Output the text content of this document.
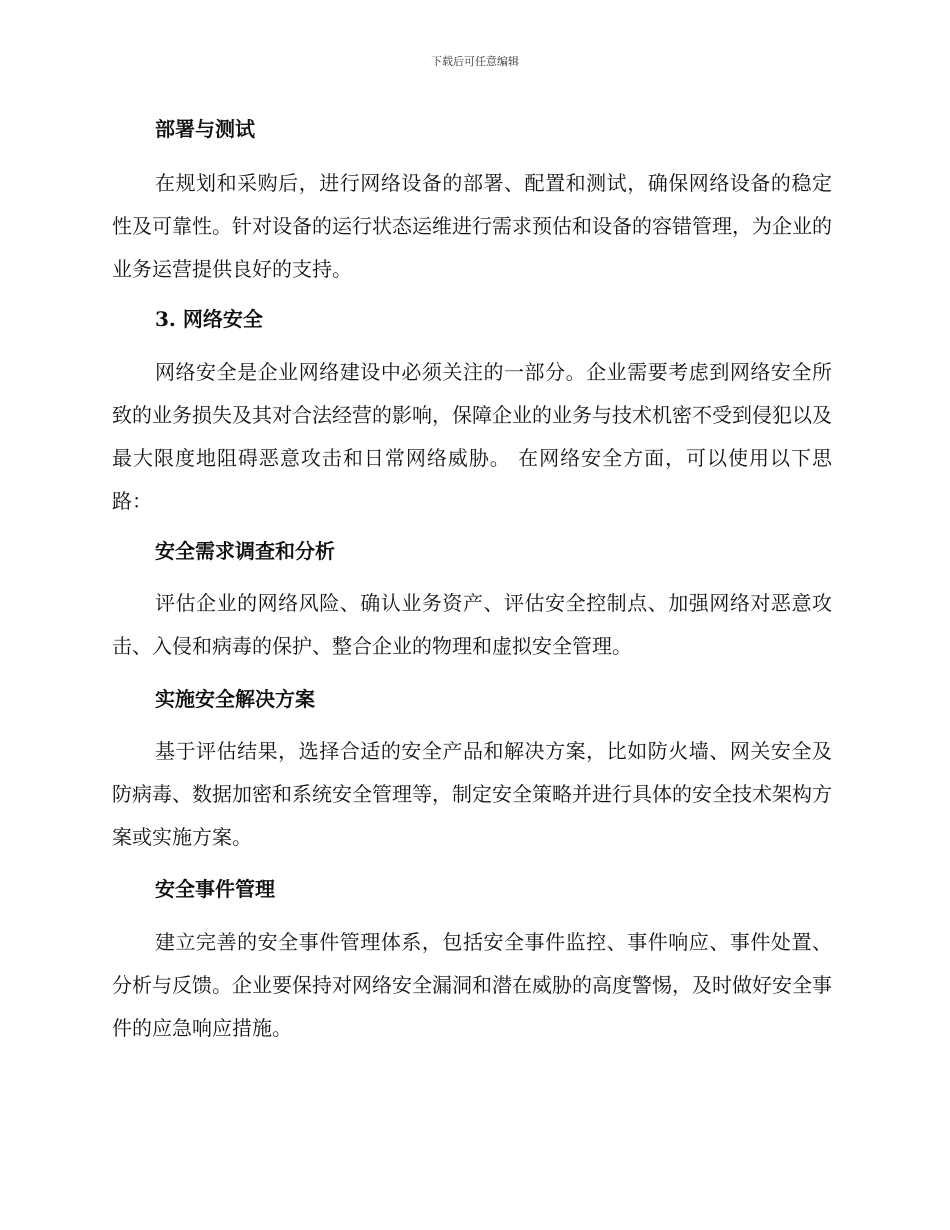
下载后可任意编辑
部署与测试

在规划和采购后，进行网络设备的部署、配置和测试，确保网络设备的稳定性及可靠性。针对设备的运行状态运维进行需求预估和设备的容错管理，为企业的业务运营提供良好的支持。

3. 网络安全

网络安全是企业网络建设中必须关注的一部分。企业需要考虑到网络安全所致的业务损失及其对合法经营的影响，保障企业的业务与技术机密不受到侵犯以及最大限度地阻碍恶意攻击和日常网络威胁。 在网络安全方面，可以使用以下思路：

安全需求调查和分析

评估企业的网络风险、确认业务资产、评估安全控制点、加强网络对恶意攻击、入侵和病毒的保护、整合企业的物理和虚拟安全管理。

实施安全解决方案

基于评估结果，选择合适的安全产品和解决方案，比如防火墙、网关安全及防病毒、数据加密和系统安全管理等，制定安全策略并进行具体的安全技术架构方案或实施方案。

安全事件管理

建立完善的安全事件管理体系，包括安全事件监控、事件响应、事件处置、分析与反馈。企业要保持对网络安全漏洞和潜在威胁的高度警惕，及时做好安全事件的应急响应措施。
